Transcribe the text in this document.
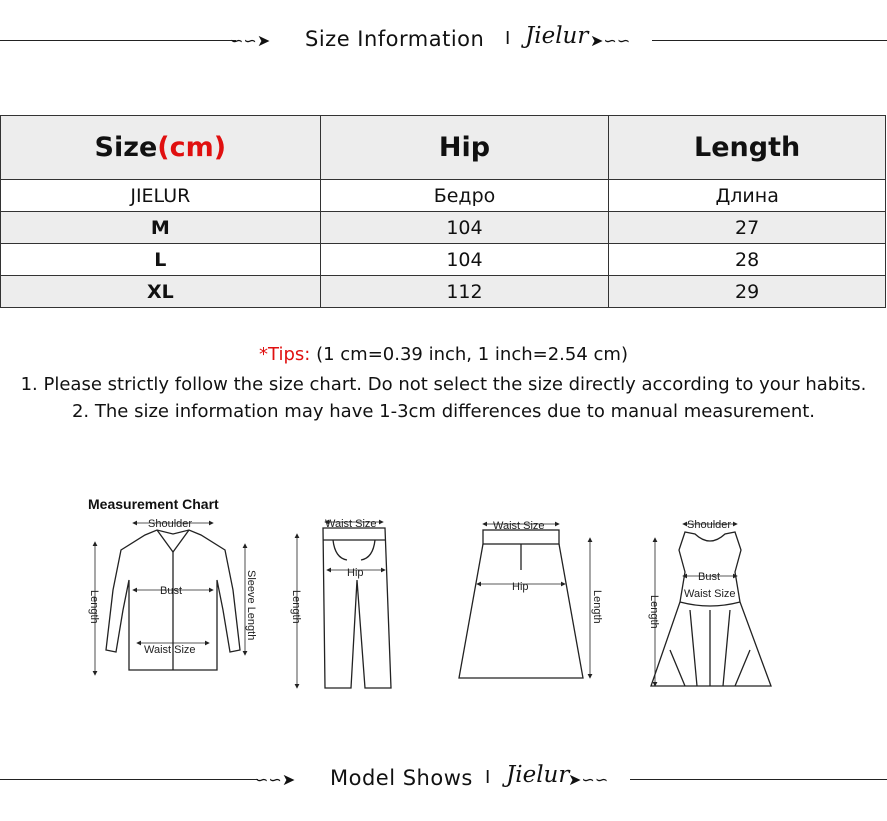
∽∽➤ Size Information I Jielur ➤∽∽
Size(cm)	Hip	Length
JIELUR	Бедро	Длина
M	104	27
L	104	28
XL	112	29
*Tips: (1 cm=0.39 inch, 1 inch=2.54 cm)
1. Please strictly follow the size chart. Do not select the size directly according to your habits.
2. The size information may have 1-3cm differences due to manual measurement.
Measurement Chart
Shoulder
Bust
Waist Size
Length	Sleeve Length
Waist Size
Hip
Length
Waist Size
Hip
Length
Shoulder
Bust
Waist Size
Length
∽∽➤ Model Shows I Jielur
➤∽∽
